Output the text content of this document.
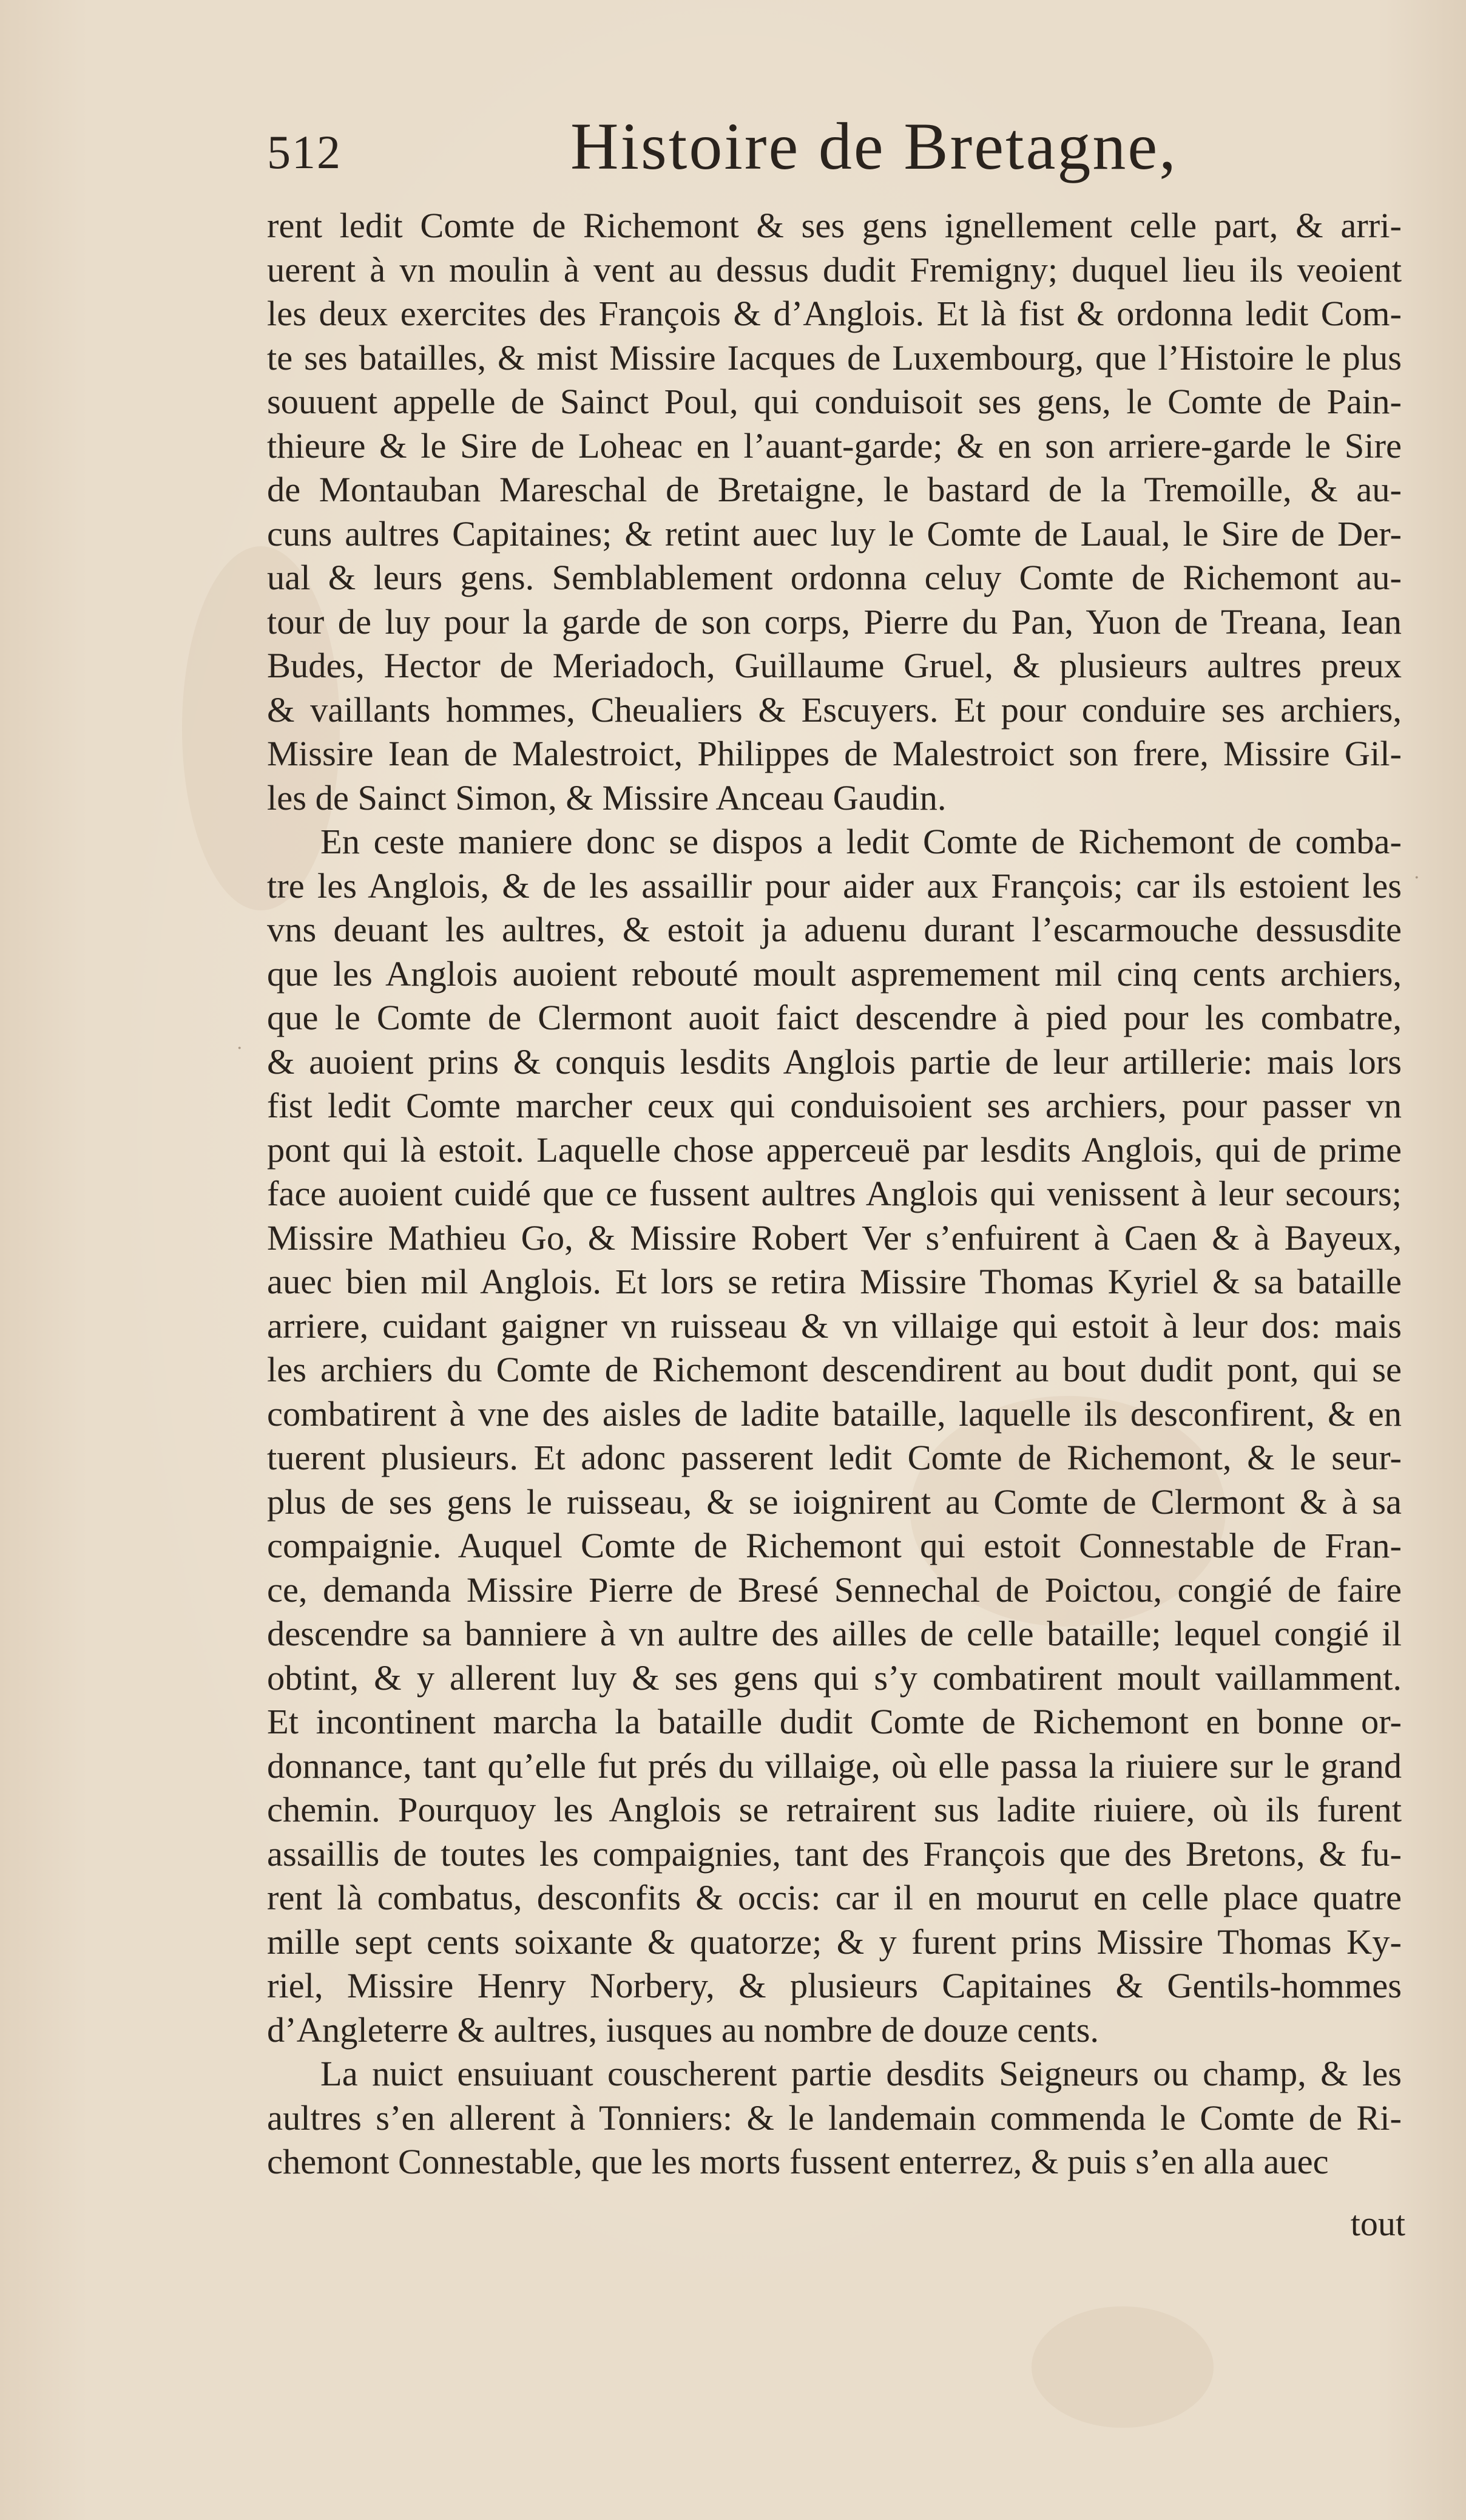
512	Histoire de Bretagne,
rent ledit Comte de Richemont & ses gens ignellement celle part, & arri-
uerent à vn moulin à vent au dessus dudit Fremigny; duquel lieu ils veoient
les deux exercites des François & d’Anglois. Et là fist & ordonna ledit Com-
te ses batailles, & mist Missire Iacques de Luxembourg, que l’Histoire le plus
souuent appelle de Sainct Poul, qui conduisoit ses gens, le Comte de Pain-
thieure & le Sire de Loheac en l’auant-garde; & en son arriere-garde le Sire
de Montauban Mareschal de Bretaigne, le bastard de la Tremoille, & au-
cuns aultres Capitaines; & retint auec luy le Comte de Laual, le Sire de Der-
ual & leurs gens. Semblablement ordonna celuy Comte de Richemont au-
tour de luy pour la garde de son corps, Pierre du Pan, Yuon de Treana, Iean
Budes, Hector de Meriadoch, Guillaume Gruel, & plusieurs aultres preux
& vaillants hommes, Cheualiers & Escuyers. Et pour conduire ses archiers,
Missire Iean de Malestroict, Philippes de Malestroict son frere, Missire Gil-
les de Sainct Simon, & Missire Anceau Gaudin.
En ceste maniere donc se dispos a ledit Comte de Richemont de comba-
tre les Anglois, & de les assaillir pour aider aux François; car ils estoient les
vns deuant les aultres, & estoit ja aduenu durant l’escarmouche dessusdite
que les Anglois auoient rebouté moult aspremement mil cinq cents archiers,
que le Comte de Clermont auoit faict descendre à pied pour les combatre,
& auoient prins & conquis lesdits Anglois partie de leur artillerie: mais lors
fist ledit Comte marcher ceux qui conduisoient ses archiers, pour passer vn
pont qui là estoit. Laquelle chose apperceuë par lesdits Anglois, qui de prime
face auoient cuidé que ce fussent aultres Anglois qui venissent à leur secours;
Missire Mathieu Go, & Missire Robert Ver s’enfuirent à Caen & à Bayeux,
auec bien mil Anglois. Et lors se retira Missire Thomas Kyriel & sa bataille
arriere, cuidant gaigner vn ruisseau & vn villaige qui estoit à leur dos: mais
les archiers du Comte de Richemont descendirent au bout dudit pont, qui se
combatirent à vne des aisles de ladite bataille, laquelle ils desconfirent, & en
tuerent plusieurs. Et adonc passerent ledit Comte de Richemont, & le seur-
plus de ses gens le ruisseau, & se ioignirent au Comte de Clermont & à sa
compaignie. Auquel Comte de Richemont qui estoit Connestable de Fran-
ce, demanda Missire Pierre de Bresé Sennechal de Poictou, congié de faire
descendre sa banniere à vn aultre des ailles de celle bataille; lequel congié il
obtint, & y allerent luy & ses gens qui s’y combatirent moult vaillamment.
Et incontinent marcha la bataille dudit Comte de Richemont en bonne or-
donnance, tant qu’elle fut prés du villaige, où elle passa la riuiere sur le grand
chemin. Pourquoy les Anglois se retrairent sus ladite riuiere, où ils furent
assaillis de toutes les compaignies, tant des François que des Bretons, & fu-
rent là combatus, desconfits & occis: car il en mourut en celle place quatre
mille sept cents soixante & quatorze; & y furent prins Missire Thomas Ky-
riel, Missire Henry Norbery, & plusieurs Capitaines & Gentils-hommes
d’Angleterre & aultres, iusques au nombre de douze cents.
La nuict ensuiuant couscherent partie desdits Seigneurs ou champ, & les
aultres s’en allerent à Tonniers: & le landemain commenda le Comte de Ri-
chemont Connestable, que les morts fussent enterrez, & puis s’en alla auec
tout
.
·
